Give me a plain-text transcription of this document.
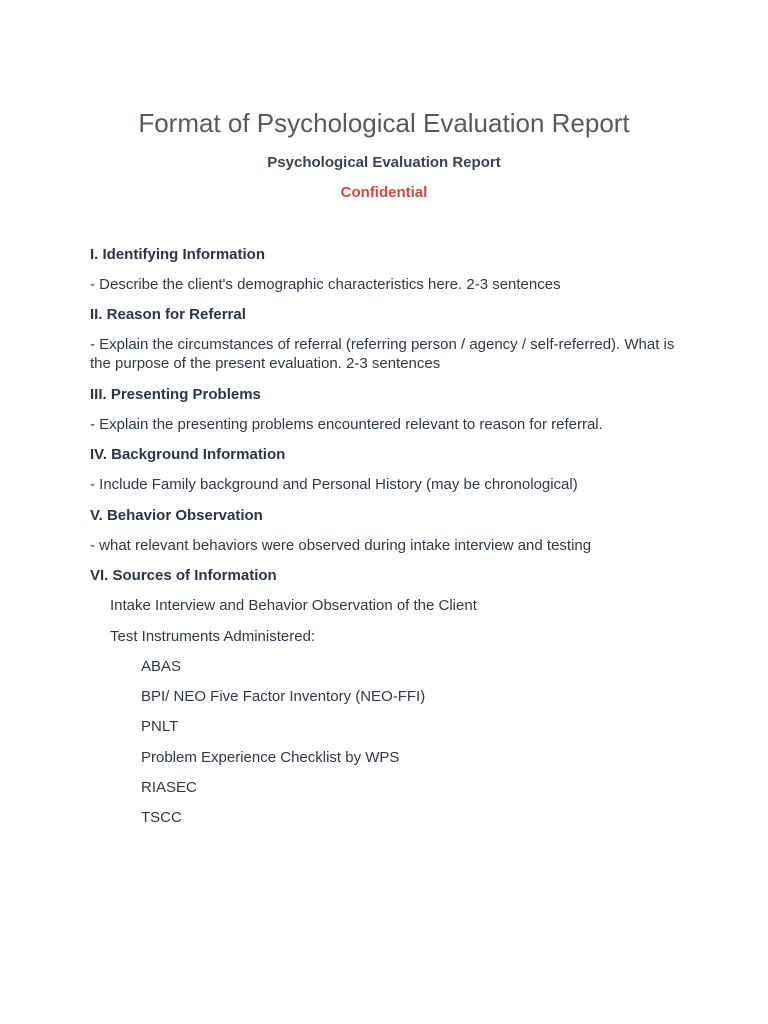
Format of Psychological Evaluation Report
Psychological Evaluation Report
Confidential
I. Identifying Information
- Describe the client's demographic characteristics here. 2-3 sentences
II. Reason for Referral
- Explain the circumstances of referral (referring person / agency / self-referred). What is the purpose of the present evaluation. 2-3 sentences
III. Presenting Problems
- Explain the presenting problems encountered relevant to reason for referral.
IV. Background Information
- Include Family background and Personal History (may be chronological)
V. Behavior Observation
- what relevant behaviors were observed during intake interview and testing
VI. Sources of Information
Intake Interview and Behavior Observation of the Client
Test Instruments Administered:
ABAS
BPI/ NEO Five Factor Inventory (NEO-FFI)
PNLT
Problem Experience Checklist by WPS
RIASEC
TSCC
